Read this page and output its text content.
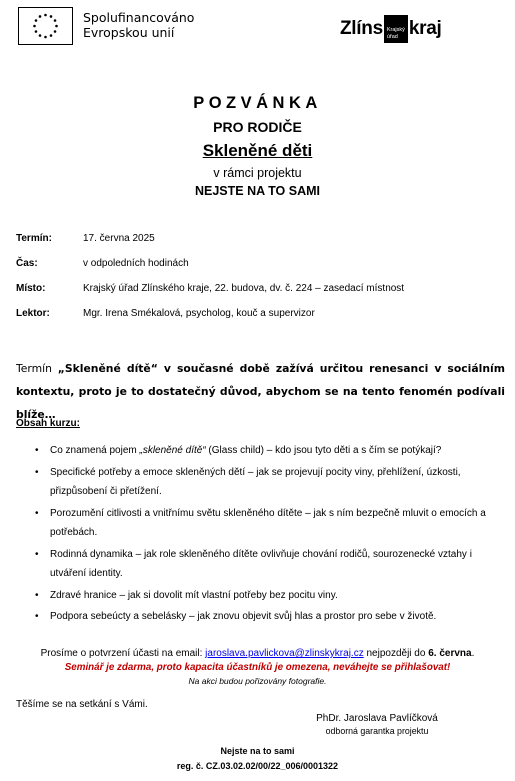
Spolufinancováno
Evropskou unií	Zlíns Krajský
úřad kraj
POZVÁNKA
PRO RODIČE
Skleněné děti
v rámci projektu
NEJSTE NA TO SAMI
Termín:	17. června 2025
Čas:	v odpoledních hodinách
Místo:	Krajský úřad Zlínského kraje, 22. budova, dv. č. 224 – zasedací místnost
Lektor:	Mgr. Irena Smékalová, psycholog, kouč a supervizor
Termín „Skleněné dítě“ v současné době zažívá určitou renesanci v sociálním kontextu, proto je to dostatečný důvod, abychom se na tento fenomén podívali blíže…
Obsah kurzu:
• Co znamená pojem „skleněné dítě“ (Glass child) – kdo jsou tyto děti a s čím se potýkají?
• Specifické potřeby a emoce skleněných dětí – jak se projevují pocity viny, přehlížení, úzkosti, přizpůsobení či přetížení.
• Porozumění citlivosti a vnitřnímu světu skleněného dítěte – jak s ním bezpečně mluvit o emocích a potřebách.
• Rodinná dynamika – jak role skleněného dítěte ovlivňuje chování rodičů, sourozenecké vztahy i utváření identity.
• Zdravé hranice – jak si dovolit mít vlastní potřeby bez pocitu viny.
• Podpora sebeúcty a sebelásky – jak znovu objevit svůj hlas a prostor pro sebe v životě.
Prosíme o potvrzení účasti na email: jaroslava.pavlickova@zlinskykraj.cz nejpozději do 6. června.
Seminář je zdarma, proto kapacita účastníků je omezena, neváhejte se přihlašovat!
Na akci budou pořizovány fotografie.
Těšíme se na setkání s Vámi.
PhDr. Jaroslava Pavlíčková
odborná garantka projektu
Nejste na to sami
reg. č. CZ.03.02.02/00/22_006/0001322
